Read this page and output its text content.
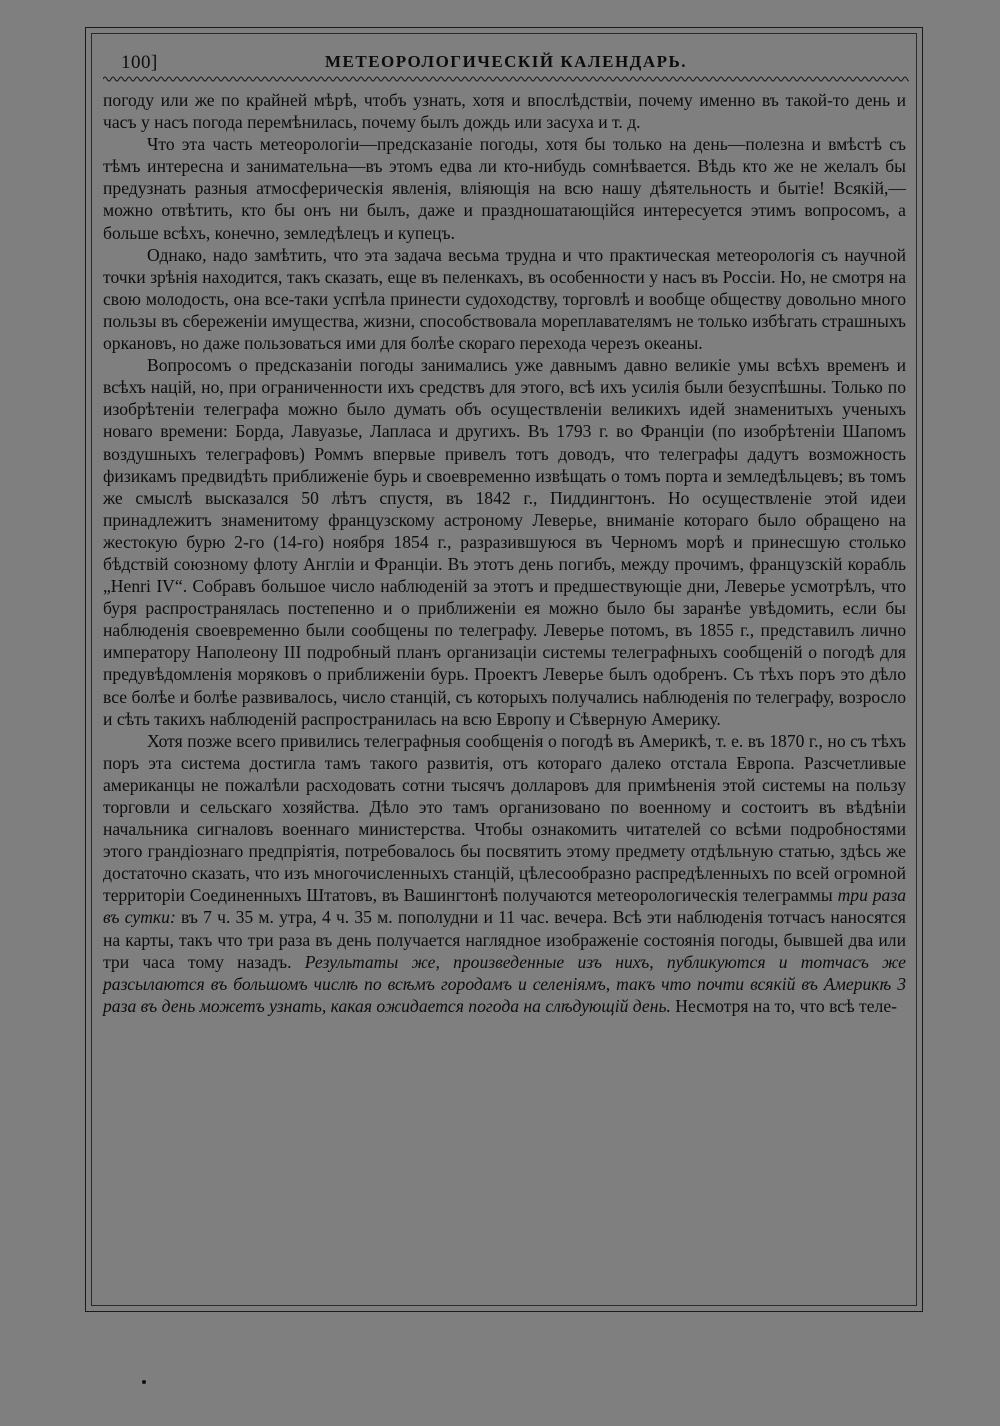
100]	МЕТЕОРОЛОГИЧЕСКІЙ КАЛЕНДАРЬ.

погоду или же по крайней мѣрѣ, чтобъ узнать, хотя и впослѣдствіи, почему именно въ такой-то день и часъ у насъ погода перемѣнилась, почему былъ дождь или засуха и т. д.

Что эта часть метеорологіи—предсказаніе погоды, хотя бы только на день—полезна и вмѣстѣ съ тѣмъ интересна и занимательна—въ этомъ едва ли кто-нибудь сомнѣвается. Вѣдь кто же не желалъ бы предузнать разныя атмосферическія явленія, вліяющія на всю нашу дѣятельность и бытіе! Всякій,—можно отвѣтить, кто бы онъ ни былъ, даже и праздношатающійся интересуется этимъ вопросомъ, а больше всѣхъ, конечно, земледѣлецъ и купецъ.

Однако, надо замѣтить, что эта задача весьма трудна и что практическая метеорологія съ научной точки зрѣнія находится, такъ сказать, еще въ пеленкахъ, въ особенности у насъ въ Россіи. Но, не смотря на свою молодость, она все-таки успѣла принести судоходству, торговлѣ и вообще обществу довольно много пользы въ сбереженіи имущества, жизни, способствовала мореплавателямъ не только избѣгать страшныхъ оркановъ, но даже пользоваться ими для болѣе скораго перехода черезъ океаны.

Вопросомъ о предсказаніи погоды занимались уже давнымъ давно великіе умы всѣхъ временъ и всѣхъ націй, но, при ограниченности ихъ средствъ для этого, всѣ ихъ усилія были безуспѣшны. Только по изобрѣтеніи телеграфа можно было думать объ осуществленіи великихъ идей знаменитыхъ ученыхъ новаго времени: Борда, Лавуазье, Лапласа и другихъ. Въ 1793 г. во Франціи (по изобрѣтеніи Шапомъ воздушныхъ телеграфовъ) Роммъ впервые привелъ тотъ доводъ, что телеграфы дадутъ возможность физикамъ предвидѣть приближеніе бурь и своевременно извѣщать о томъ порта и земледѣльцевъ; въ томъ же смыслѣ высказался 50 лѣтъ спустя, въ 1842 г., Пиддингтонъ. Но осуществленіе этой идеи принадлежитъ знаменитому французскому астроному Леверье, вниманіе котораго было обращено на жестокую бурю 2-го (14-го) ноября 1854 г., разразившуюся въ Черномъ морѣ и принесшую столько бѣдствій союзному флоту Англіи и Франціи. Въ этотъ день погибъ, между прочимъ, французскій корабль „Henri IV“. Собравъ большое число наблюденій за этотъ и предшествующіе дни, Леверье усмотрѣлъ, что буря распространялась постепенно и о приближеніи ея можно было бы заранѣе увѣдомить, если бы наблюденія своевременно были сообщены по телеграфу. Леверье потомъ, въ 1855 г., представилъ лично императору Наполеону III подробный планъ организаціи системы телеграфныхъ сообщеній о погодѣ для предувѣдомленія моряковъ о приближеніи бурь. Проектъ Леверье былъ одобренъ. Съ тѣхъ поръ это дѣло все болѣе и болѣе развивалось, число станцій, съ которыхъ получались наблюденія по телеграфу, возросло и сѣть такихъ наблюденій распространилась на всю Европу и Сѣверную Америку.

Хотя позже всего привились телеграфныя сообщенія о погодѣ въ Америкѣ, т. е. въ 1870 г., но съ тѣхъ поръ эта система достигла тамъ такого развитія, отъ котораго далеко отстала Европа. Разсчетливые американцы не пожалѣли расходовать сотни тысячъ долларовъ для примѣненія этой системы на пользу торговли и сельскаго хозяйства. Дѣло это тамъ организовано по военному и состоитъ въ вѣдѣніи начальника сигналовъ военнаго министерства. Чтобы ознакомить читателей со всѣми подробностями этого грандіознаго предпріятія, потребовалось бы посвятить этому предмету отдѣльную статью, здѣсь же достаточно сказать, что изъ многочисленныхъ станцій, цѣлесообразно распредѣленныхъ по всей огромной территоріи Соединенныхъ Штатовъ, въ Вашингтонѣ получаются метеорологическія телеграммы три раза въ сутки: въ 7 ч. 35 м. утра, 4 ч. 35 м. пополудни и 11 час. вечера. Всѣ эти наблюденія тотчасъ наносятся на карты, такъ что три раза въ день получается наглядное изображеніе состоянія погоды, бывшей два или три часа тому назадъ. Результаты же, произведенные изъ нихъ, публикуются и тотчасъ же разсылаются въ большомъ числѣ по всѣмъ городамъ и селеніямъ, такъ что почти всякій въ Америкѣ 3 раза въ день можетъ узнать, какая ожидается погода на слѣдующій день. Несмотря на то, что всѣ теле-
